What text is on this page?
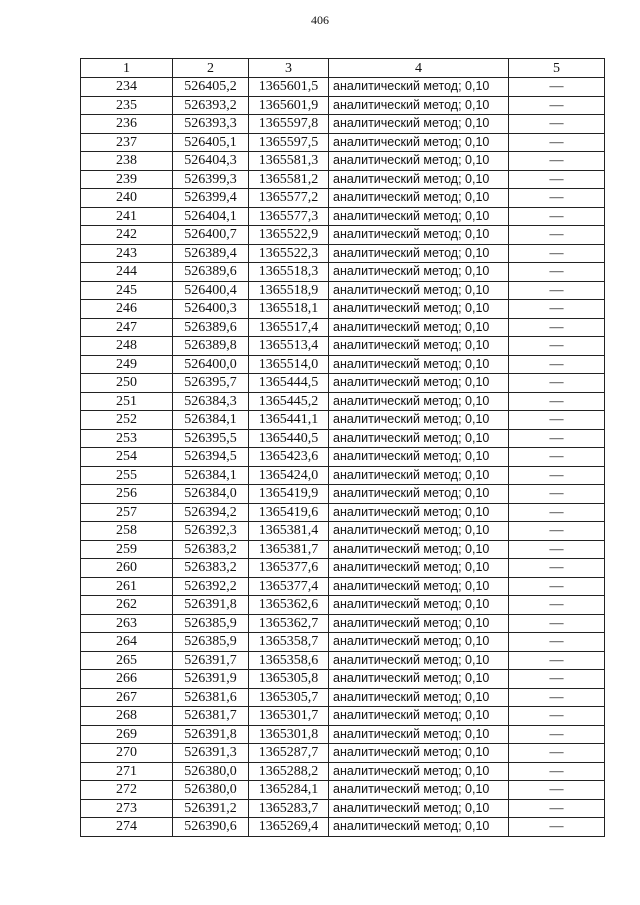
406
1	2	3	4	5
234	526405,2	1365601,5	аналитический метод; 0,10	—
235	526393,2	1365601,9	аналитический метод; 0,10	—
236	526393,3	1365597,8	аналитический метод; 0,10	—
237	526405,1	1365597,5	аналитический метод; 0,10	—
238	526404,3	1365581,3	аналитический метод; 0,10	—
239	526399,3	1365581,2	аналитический метод; 0,10	—
240	526399,4	1365577,2	аналитический метод; 0,10	—
241	526404,1	1365577,3	аналитический метод; 0,10	—
242	526400,7	1365522,9	аналитический метод; 0,10	—
243	526389,4	1365522,3	аналитический метод; 0,10	—
244	526389,6	1365518,3	аналитический метод; 0,10	—
245	526400,4	1365518,9	аналитический метод; 0,10	—
246	526400,3	1365518,1	аналитический метод; 0,10	—
247	526389,6	1365517,4	аналитический метод; 0,10	—
248	526389,8	1365513,4	аналитический метод; 0,10	—
249	526400,0	1365514,0	аналитический метод; 0,10	—
250	526395,7	1365444,5	аналитический метод; 0,10	—
251	526384,3	1365445,2	аналитический метод; 0,10	—
252	526384,1	1365441,1	аналитический метод; 0,10	—
253	526395,5	1365440,5	аналитический метод; 0,10	—
254	526394,5	1365423,6	аналитический метод; 0,10	—
255	526384,1	1365424,0	аналитический метод; 0,10	—
256	526384,0	1365419,9	аналитический метод; 0,10	—
257	526394,2	1365419,6	аналитический метод; 0,10	—
258	526392,3	1365381,4	аналитический метод; 0,10	—
259	526383,2	1365381,7	аналитический метод; 0,10	—
260	526383,2	1365377,6	аналитический метод; 0,10	—
261	526392,2	1365377,4	аналитический метод; 0,10	—
262	526391,8	1365362,6	аналитический метод; 0,10	—
263	526385,9	1365362,7	аналитический метод; 0,10	—
264	526385,9	1365358,7	аналитический метод; 0,10	—
265	526391,7	1365358,6	аналитический метод; 0,10	—
266	526391,9	1365305,8	аналитический метод; 0,10	—
267	526381,6	1365305,7	аналитический метод; 0,10	—
268	526381,7	1365301,7	аналитический метод; 0,10	—
269	526391,8	1365301,8	аналитический метод; 0,10	—
270	526391,3	1365287,7	аналитический метод; 0,10	—
271	526380,0	1365288,2	аналитический метод; 0,10	—
272	526380,0	1365284,1	аналитический метод; 0,10	—
273	526391,2	1365283,7	аналитический метод; 0,10	—
274	526390,6	1365269,4	аналитический метод; 0,10	—
